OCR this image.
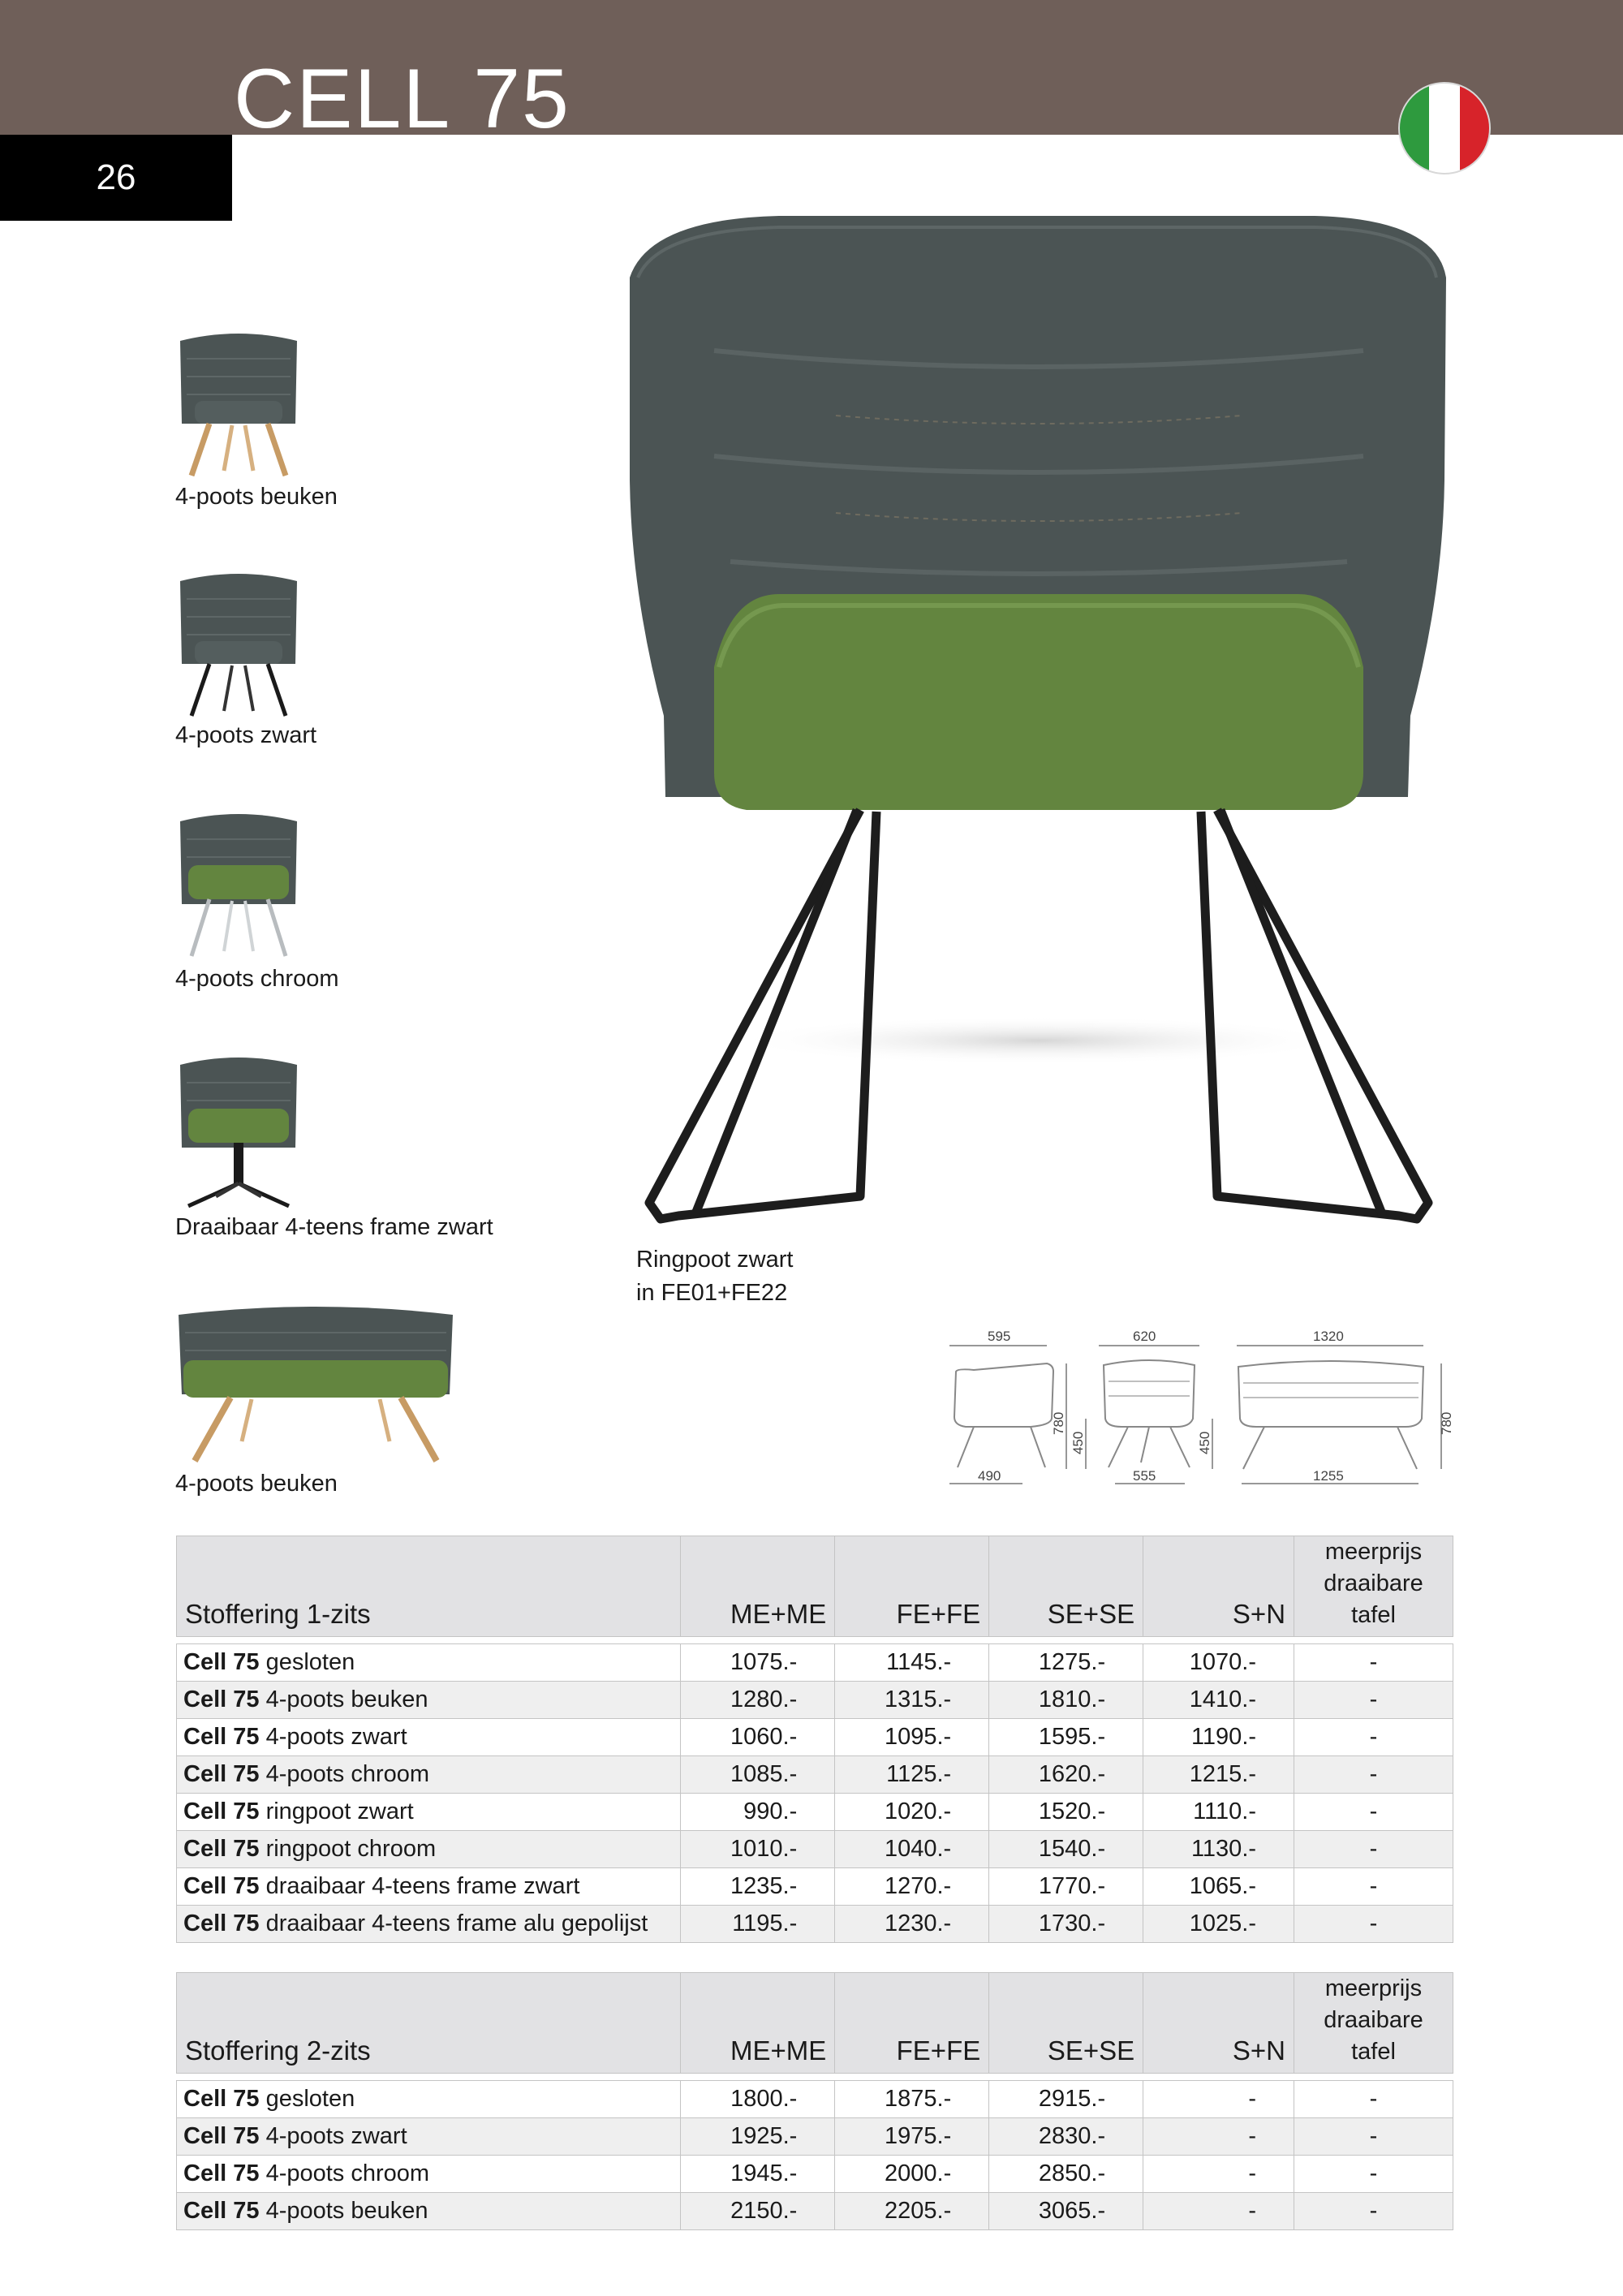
CELL 75
26
4-poots beuken
4-poots zwart
4-poots chroom
Draaibaar 4-teens frame zwart
4-poots beuken
Ringpoot zwart
in FE01+FE22
595
490
780
450
620
555
450
1320
1255
780
Stoffering 1-zits	ME+ME	FE+FE	SE+SE	S+N	meerprijs
draaibare tafel

Cell 75 gesloten	1075.-	1145.-	1275.-	1070.-	-
Cell 75 4-poots beuken	1280.-	1315.-	1810.-	1410.-	-
Cell 75 4-poots zwart	1060.-	1095.-	1595.-	1190.-	-
Cell 75 4-poots chroom	1085.-	1125.-	1620.-	1215.-	-
Cell 75 ringpoot zwart	990.-	1020.-	1520.-	1110.-	-
Cell 75 ringpoot chroom	1010.-	1040.-	1540.-	1130.-	-
Cell 75 draaibaar 4-teens frame zwart	1235.-	1270.-	1770.-	1065.-	-
Cell 75 draaibaar 4-teens frame alu gepolijst	1195.-	1230.-	1730.-	1025.-	-
Stoffering 2-zits	ME+ME	FE+FE	SE+SE	S+N	meerprijs
draaibare tafel

Cell 75 gesloten	1800.-	1875.-	2915.-	-	-
Cell 75 4-poots zwart	1925.-	1975.-	2830.-	-	-
Cell 75 4-poots chroom	1945.-	2000.-	2850.-	-	-
Cell 75 4-poots beuken	2150.-	2205.-	3065.-	-	-
